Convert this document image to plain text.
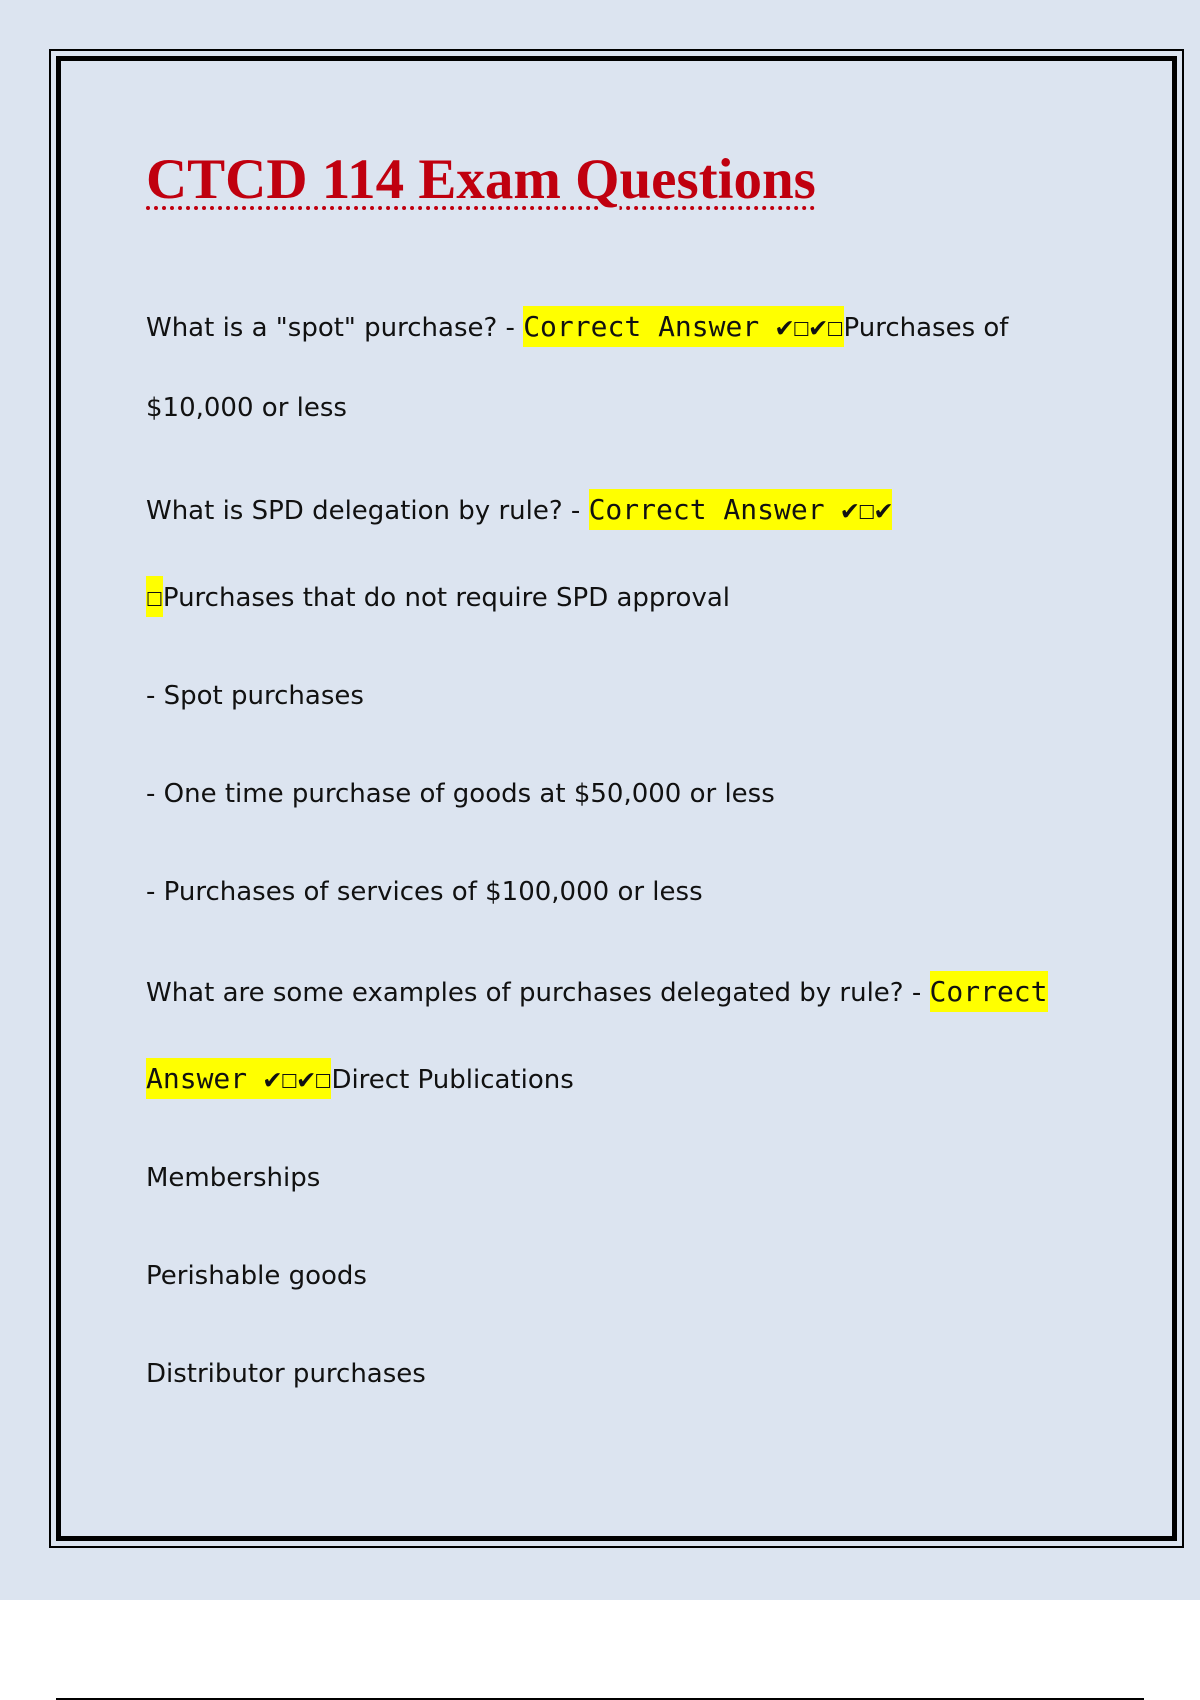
CTCD 114 Exam Questions

What is a "spot" purchase? - Correct Answer ✔☐✔☐Purchases of

$10,000 or less

What is SPD delegation by rule? - Correct Answer ✔☐✔

☐Purchases that do not require SPD approval

- Spot purchases

- One time purchase of goods at $50,000 or less

- Purchases of services of $100,000 or less

What are some examples of purchases delegated by rule? - Correct

Answer ✔☐✔☐Direct Publications

Memberships

Perishable goods

Distributor purchases
